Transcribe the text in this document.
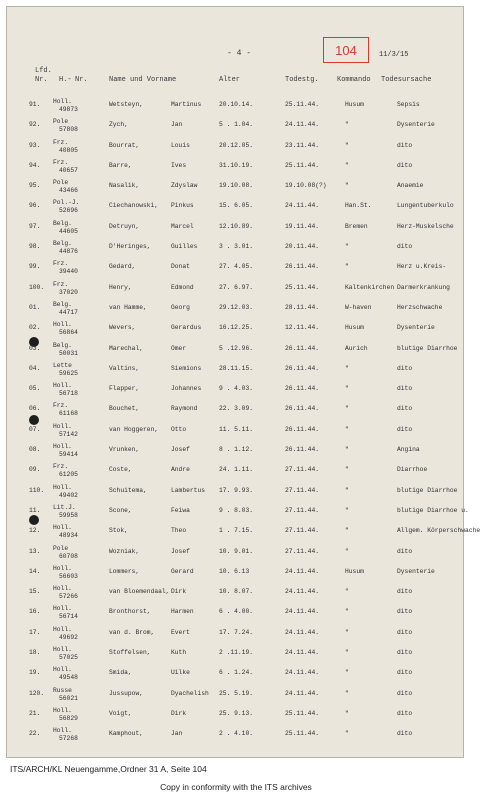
- 4 -	104	11/3/15
Lfd.
Nr. H.- Nr.	Name und Vorname	Alter	Todestg.	Kommando Todesursache
91. Holl.
49873
Wetsteyn,	Martinus	20.10.14.	25.11.44.	Husum	Sepsis
92. Pole
57808
Zych,	Jan	5 . 1.04.	24.11.44.	"	Dysenterie
93. Frz.
40805
Bourrat,	Louis	20.12.05.	23.11.44.	"	dito
94. Frz.
40657
Barre,	Ives	31.10.19.	25.11.44.	"	dito
95. Pole
43466
Nasalik,	Zdyslaw	19.10.08.	19.10.08(?)	"	Anaemie
96. Pol.-J.
52696
Ciechanowski, Pinkus	15. 6.05.	24.11.44.	Han.St.	Lungentuberkulo
97. Belg.
44605
Detruyn,	Marcel	12.10.89.	19.11.44.	Bremen	Herz-Muskelsche
98. Belg.
44876
D'Heringes,	Guilles	3 . 3.01.	20.11.44.	"	dito
99. Frz.
39440
Gedard,	Donat	27. 4.05.	26.11.44.	"	Herz u.Kreis-
100. Frz.
37020
Henry,	Edmond	27. 6.97.	25.11.44.	Kaltenkirchen Darmerkrankung
01. Belg.
44717
van Hamme,	Georg	29.12.03.	28.11.44.	W-haven	Herzschwache
02. Holl.
56864
Wevers,	Gerardus	16.12.25.	12.11.44.	Husum	Dysenterie
03. Belg.
50031
Marechal,	Omer	5 .12.96.	26.11.44.	Aurich	blutige Diarrhoe
04. Lette
59625
Valtins,	Siemions	28.11.15.	26.11.44.	"	dito
05. Holl.
56718
Flapper,	Johannes	9 . 4.03.	26.11.44.	"	dito
06. Frz.
61168
Bouchet,	Raymond	22. 3.09.	26.11.44.	"	dito
07. Holl.
57142
van Hoggeren, Otto	11. 5.11.	26.11.44.	"	dito
08. Holl.
59414
Vrunken,	Josef	8 . 1.12.	26.11.44.	"	Angina
09. Frz.
61205
Coste,	Andre	24. 1.11.	27.11.44.	"	Diarrhoe
110. Holl.
49402
Schuitema,	Lambertus 17. 9.93.	27.11.44.	"	blutige Diarrhoe
11. Lit.J.
59958
Scone,	Feiwa	9 . 8.03.	27.11.44.	"	blutige Diarrhoe u.
12. Holl.
48934
Stok,	Theo	1 . 7.15.	27.11.44.	"	Allgem. Körperschwache
13. Pole
60708
Wozniak,	Josef	10. 9.01.	27.11.44.	"	dito
14. Holl.
56603
Lommers,	Gerard	10. 6.13	24.11.44.	Husum	Dysenterie
15. Holl.
57266
van Bloemendaal, Dirk	10. 8.07.	24.11.44.	"	dito
16. Holl.
56714
Bronthorst,	Harmen	6 . 4.00.	24.11.44.	"	dito
17. Holl.
49692
van d. Brom,	Evert	17. 7.24.	24.11.44.	"	dito
18. Holl.
57025
Stoffelsen,	Kuth	2 .11.19.	24.11.44.	"	dito
19. Holl.
49548
Smida,	Uilke	6 . 1.24.	24.11.44.	"	dito
120. Russe
56021
Jussupow,	Dyachelish 25. 5.19.	24.11.44.	"	dito
21. Holl.
56829
Voigt,	Dirk	25. 9.13.	25.11.44.	"	dito
22. Holl.
57268
Kamphout,	Jan	2 . 4.10.	25.11.44.	"	dito
ITS/ARCH/KL Neuengamme,Ordner 31 A, Seite 104
Copy in conformity with the ITS archives
